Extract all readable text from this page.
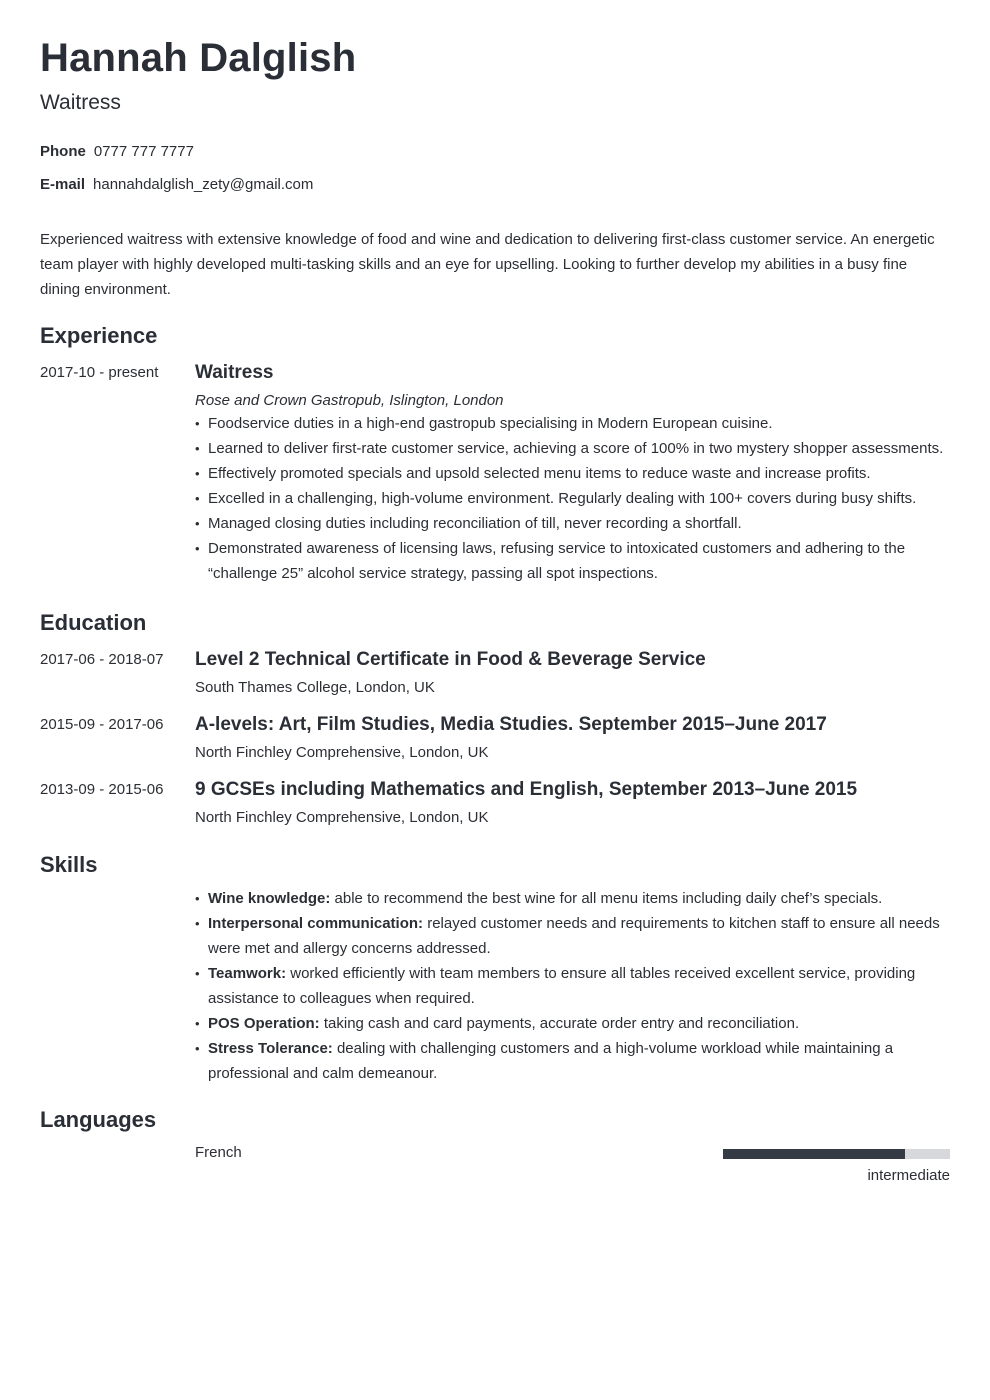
Hannah Dalglish
Waitress
Phone 0777 777 7777
E-mail hannahdalglish_zety@gmail.com
Experienced waitress with extensive knowledge of food and wine and dedication to delivering first-class customer service. An energetic team player with highly developed multi-tasking skills and an eye for upselling. Looking to further develop my abilities in a busy fine dining environment.
Experience
2017-10 - present Waitress
Rose and Crown Gastropub, Islington, London
• Foodservice duties in a high-end gastropub specialising in Modern European cuisine.
• Learned to deliver first-rate customer service, achieving a score of 100% in two mystery shopper assessments.
• Effectively promoted specials and upsold selected menu items to reduce waste and increase profits.
• Excelled in a challenging, high-volume environment. Regularly dealing with 100+ covers during busy shifts.
• Managed closing duties including reconciliation of till, never recording a shortfall.
• Demonstrated awareness of licensing laws, refusing service to intoxicated customers and adhering to the “challenge 25” alcohol service strategy, passing all spot inspections.
Education
2017-06 - 2018-07 Level 2 Technical Certificate in Food & Beverage Service
South Thames College, London, UK
2015-09 - 2017-06 A-levels: Art, Film Studies, Media Studies. September 2015–June 2017
North Finchley Comprehensive, London, UK
2013-09 - 2015-06 9 GCSEs including Mathematics and English, September 2013–June 2015
North Finchley Comprehensive, London, UK
Skills
• Wine knowledge: able to recommend the best wine for all menu items including daily chef’s specials.
• Interpersonal communication: relayed customer needs and requirements to kitchen staff to ensure all needs were met and allergy concerns addressed.
• Teamwork: worked efficiently with team members to ensure all tables received excellent service, providing assistance to colleagues when required.
• POS Operation: taking cash and card payments, accurate order entry and reconciliation.
• Stress Tolerance: dealing with challenging customers and a high-volume workload while maintaining a professional and calm demeanour.
Languages
French
intermediate
